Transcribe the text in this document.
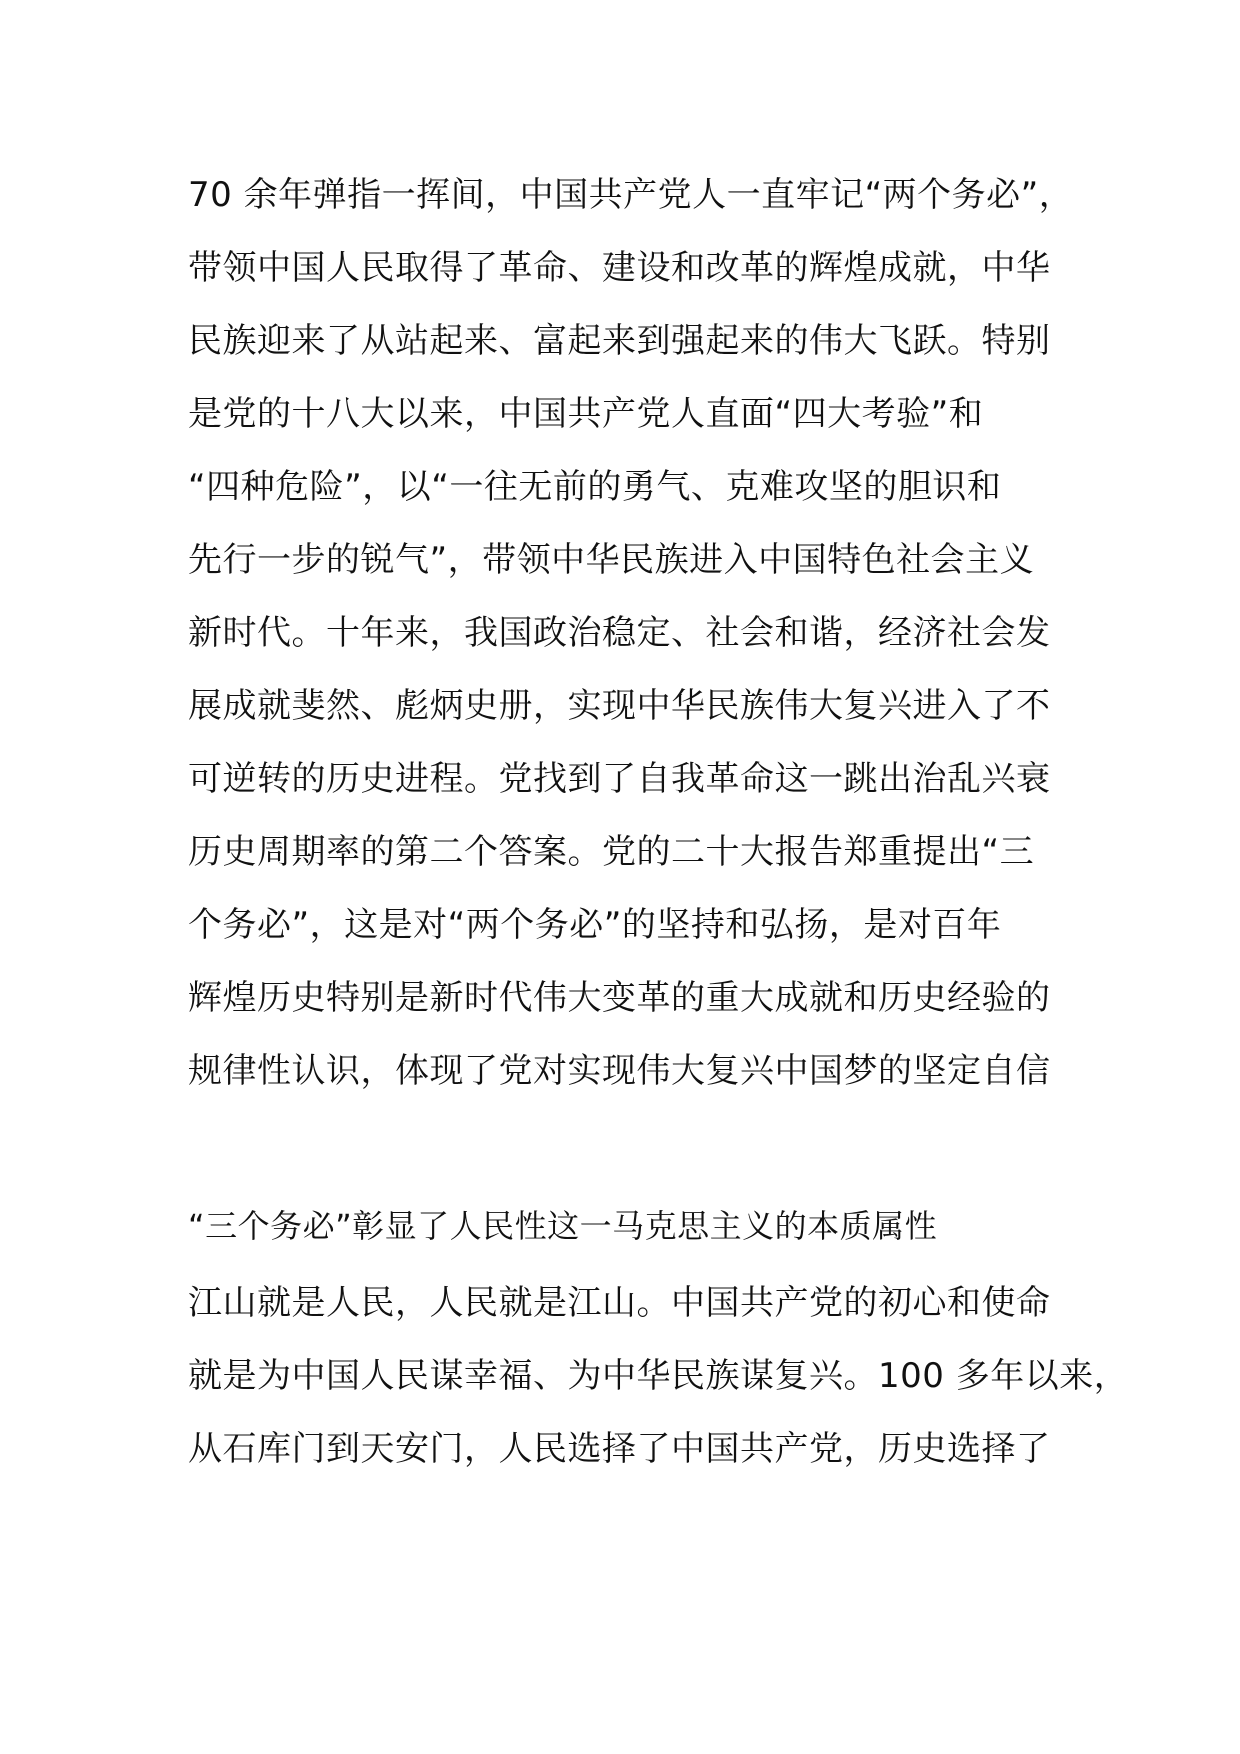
70 余年弹指一挥间，中国共产党人一直牢记“两个务必”，
带领中国人民取得了革命、建设和改革的辉煌成就，中华
民族迎来了从站起来、富起来到强起来的伟大飞跃。特别
是党的十八大以来，中国共产党人直面“四大考验”和
“四种危险”，以“一往无前的勇气、克难攻坚的胆识和
先行一步的锐气”，带领中华民族进入中国特色社会主义
新时代。十年来，我国政治稳定、社会和谐，经济社会发
展成就斐然、彪炳史册，实现中华民族伟大复兴进入了不
可逆转的历史进程。党找到了自我革命这一跳出治乱兴衰
历史周期率的第二个答案。党的二十大报告郑重提出“三
个务必”，这是对“两个务必”的坚持和弘扬，是对百年
辉煌历史特别是新时代伟大变革的重大成就和历史经验的
规律性认识，体现了党对实现伟大复兴中国梦的坚定自信
“三个务必”彰显了人民性这一马克思主义的本质属性
江山就是人民，人民就是江山。中国共产党的初心和使命
就是为中国人民谋幸福、为中华民族谋复兴。100 多年以来，
从石库门到天安门，人民选择了中国共产党，历史选择了
